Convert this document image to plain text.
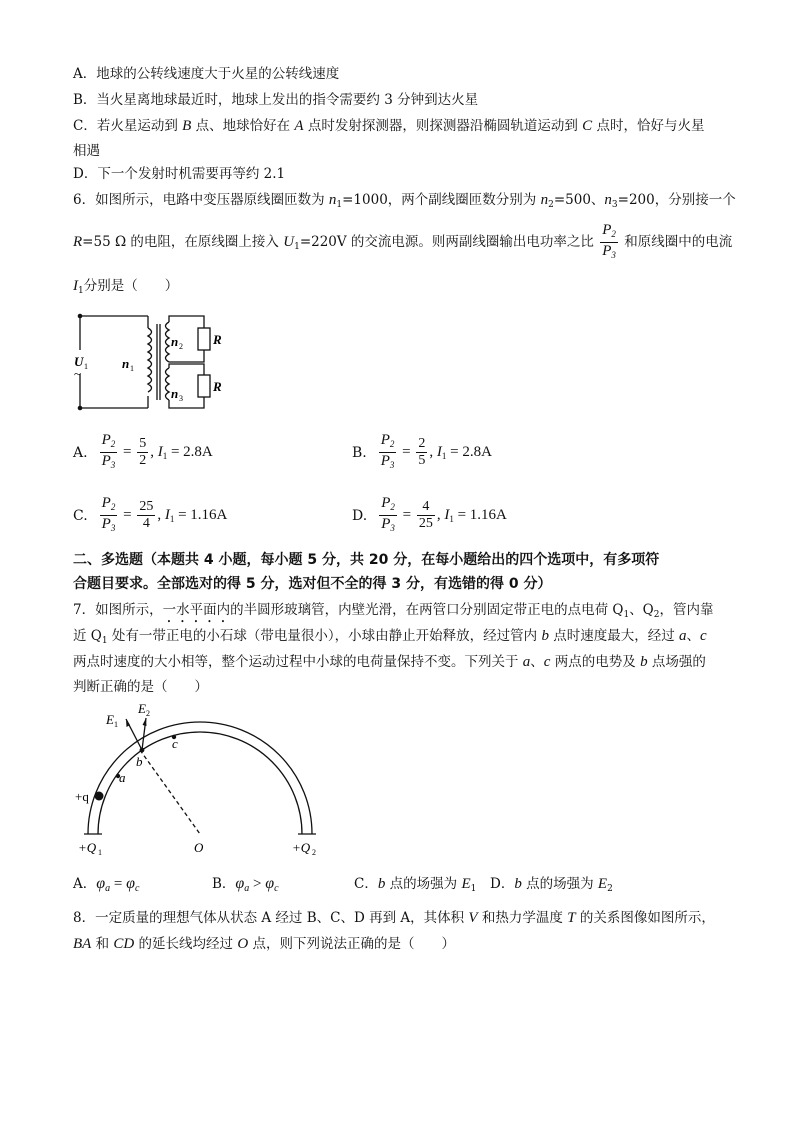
A．地球的公转线速度大于火星的公转线速度
B．当火星离地球最近时，地球上发出的指令需要约 3 分钟到达火星
C．若火星运动到 B 点、地球恰好在 A 点时发射探测器，则探测器沿椭圆轨道运动到 C 点时，恰好与火星
相遇
D．下一个发射时机需要再等约 2.1
6．如图所示，电路中变压器原线圈匝数为 $n_1=1000$，两个副线圈匝数分别为 $n_2=500$、$n_3=200$，分别接一个
R=55 Ω 的电阻，在原线圈上接入 $U_1=220V$ 的交流电源。则两副线圈输出电功率之比 $\frac{P_2}{P_3}$ 和原线圈中的电流
$I_1$分别是（　　）
U 1
~
n 1
n 2
n 3
R
R
A. $\frac{P_2}{P_3} = \frac{5}{2}$ , $I_1 = 2.8A$	B. $\frac{P_2}{P_3} = \frac{2}{5}$ , $I_1 = 2.8A$
C. $\frac{P_2}{P_3} = \frac{25}{4}$ , $I_1 = 1.16A$	D. $\frac{P_2}{P_3} = \frac{4}{25}$ , $I_1 = 1.16A$
二、多选题（本题共 4 小题，每小题 5 分，共 20 分，在每小题给出的四个选项中，有多项符
合题目要求。全部选对的得 5 分，选对但不全的得 3 分，有选错的得 0 分）
7．如图所示，一水平面内的半圆形玻璃管，内壁光滑，在两管口分别固定带正电的点电荷 $Q_1$、$Q_2$，管内靠
近 $Q_1$ 处有一带正电的小石球（带电量很小），小球由静止开始释放，经过管内 b 点时速度最大，经过 a、c
两点时速度的大小相等，整个运动过程中小球的电荷量保持不变。下列关于 a、c 两点的电势及 b 点场强的
判断正确的是（　　）
E 1
E 2
b
c
a
+q
+Q 1	O	+Q 2
A．$\varphi_a = \varphi_c$	B．$\varphi_a > \varphi_c$	C．b 点的场强为 $E_1$ D．b 点的场强为 $E_2$
8．一定质量的理想气体从状态 A 经过 B、C、D 再到 A，其体积 V 和热力学温度 T 的关系图像如图所示，
BA 和 CD 的延长线均经过 O 点，则下列说法正确的是（　　）
